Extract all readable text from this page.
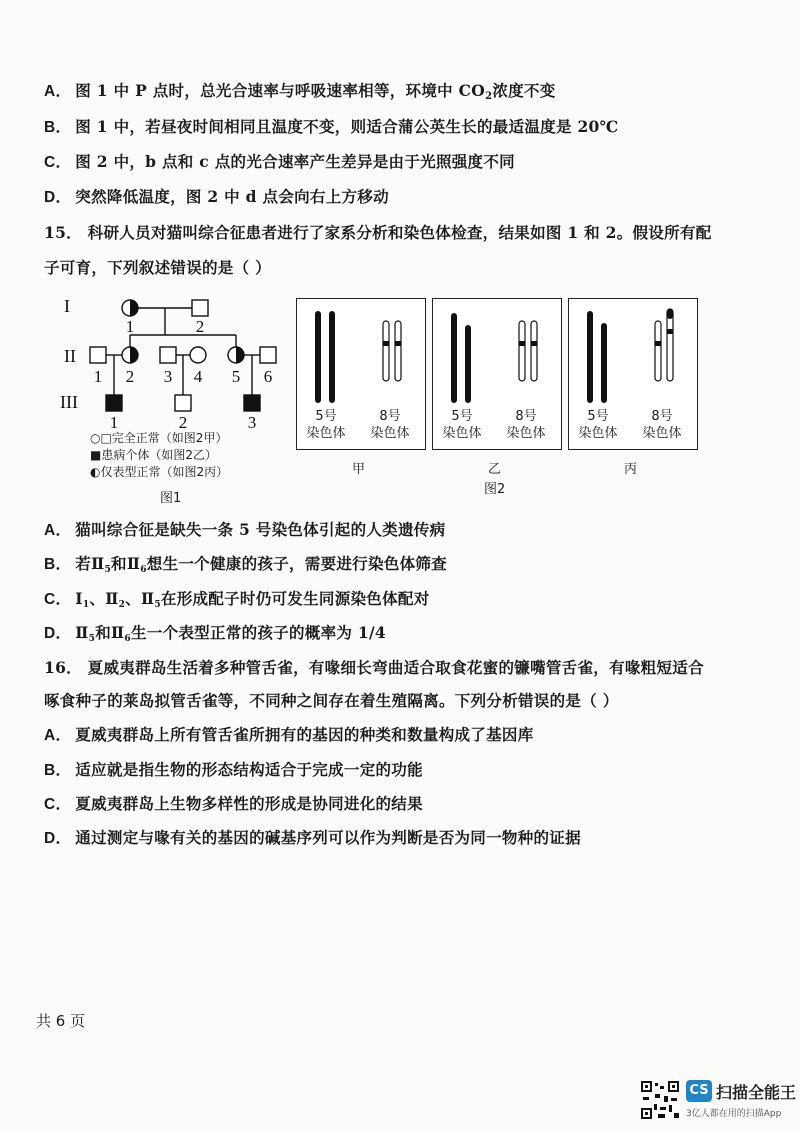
A． 图 1 中 P 点时，总光合速率与呼吸速率相等，环境中 $CO_2$浓度不变
B． 图 1 中，若昼夜时间相同且温度不变，则适合蒲公英生长的最适温度是 20℃
C． 图 2 中，b 点和 c 点的光合速率产生差异是由于光照强度不同
D． 突然降低温度，图 2 中 d 点会向右上方移动
15． 科研人员对猫叫综合征患者进行了家系分析和染色体检查，结果如图 1 和 2。假设所有配
子可育，下列叙述错误的是（ ）
I
II
III
1	2
1 2 3 4 5 6
1	2	3
○□完全正常（如图2甲）
■患病个体（如图2乙）
◐仅表型正常（如图2丙）
图1
5号
染色体
8号
染色体
甲
5号
染色体
8号
染色体
乙
5号
染色体
8号
染色体
丙
图2
A． 猫叫综合征是缺失一条 5 号染色体引起的人类遗传病
B． 若Ⅱ5和Ⅱ6想生一个健康的孩子，需要进行染色体筛查
C． Ⅰ1、Ⅱ2、Ⅱ5在形成配子时仍可发生同源染色体配对
D． Ⅱ5和Ⅱ6生一个表型正常的孩子的概率为 1/4
16． 夏威夷群岛生活着多种管舌雀，有喙细长弯曲适合取食花蜜的镰嘴管舌雀，有喙粗短适合
啄食种子的莱岛拟管舌雀等，不同种之间存在着生殖隔离。下列分析错误的是（ ）
A． 夏威夷群岛上所有管舌雀所拥有的基因的种类和数量构成了基因库
B． 适应就是指生物的形态结构适合于完成一定的功能
C． 夏威夷群岛上生物多样性的形成是协同进化的结果
D． 通过测定与喙有关的基因的碱基序列可以作为判断是否为同一物种的证据
共 6 页
CS 扫描全能王
3亿人都在用的扫描App
